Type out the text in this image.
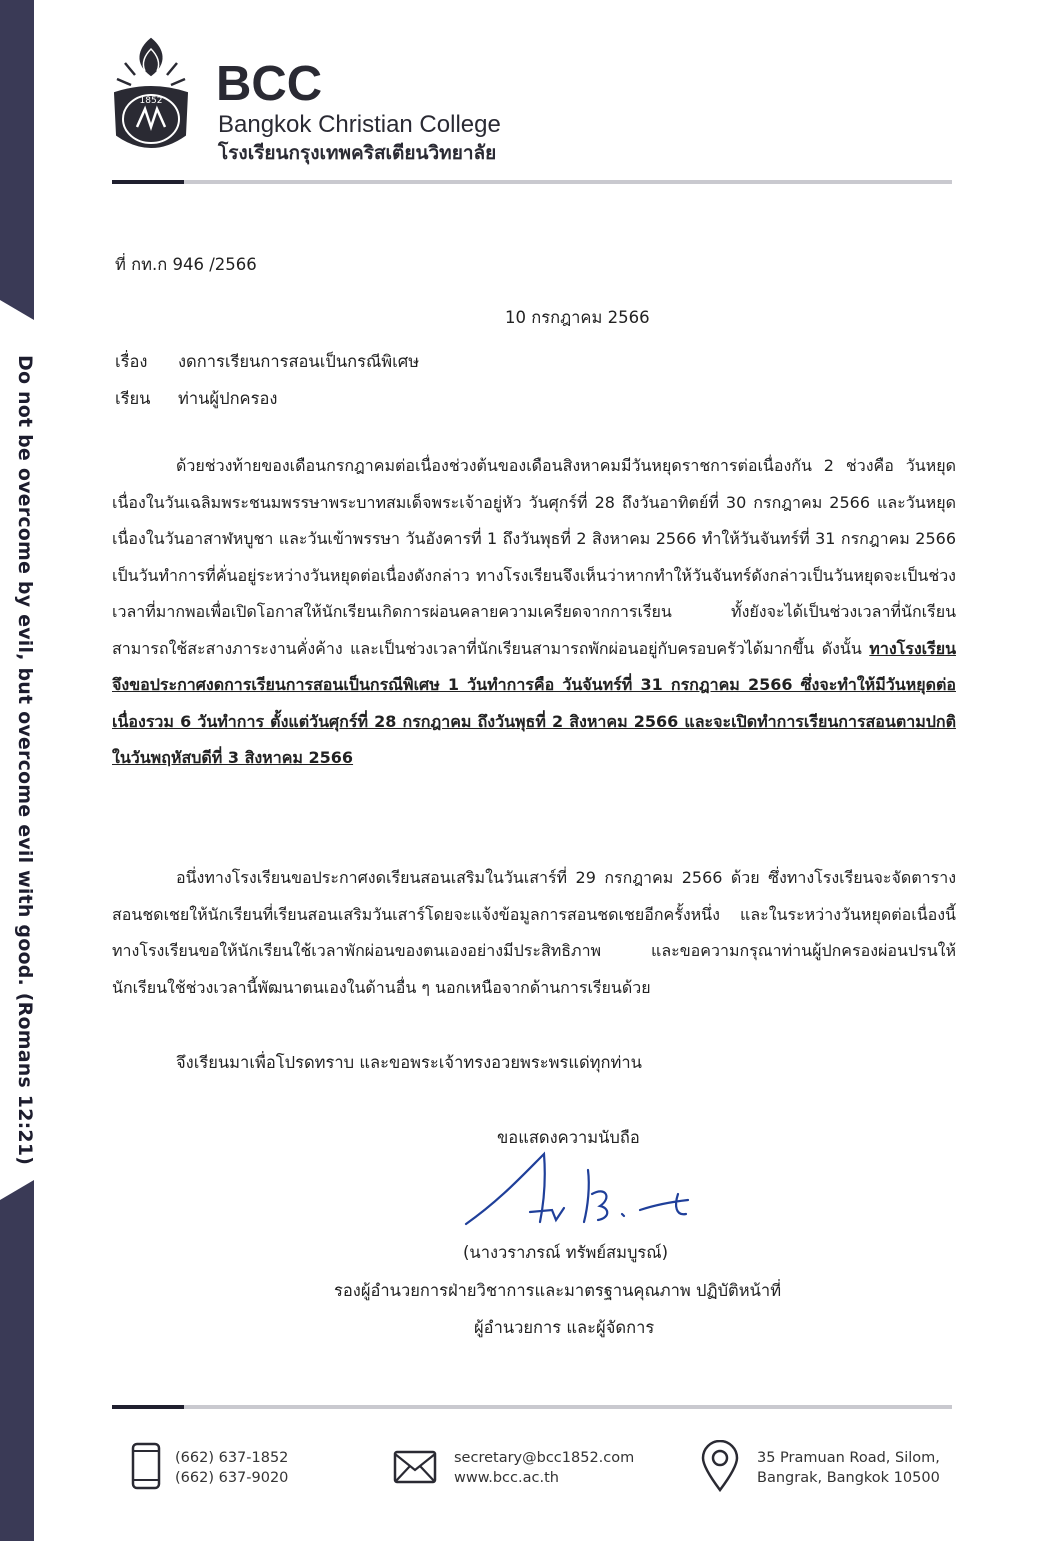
Do not be overcome by evil, but overcome evil with good. (Romans 12:21)
1852 BCC
Bangkok Christian College
โรงเรียนกรุงเทพคริสเตียนวิทยาลัย
ที่ กท.ก 946 /2566
10 กรกฎาคม 2566
เรื่อง งดการเรียนการสอนเป็นกรณีพิเศษ
เรียน ท่านผู้ปกครอง
ด้วยช่วงท้ายของเดือนกรกฎาคมต่อเนื่องช่วงต้นของเดือนสิงหาคมมีวันหยุดราชการต่อเนื่องกัน 2 ช่วงคือ วันหยุดเนื่องในวันเฉลิมพระชนมพรรษาพระบาทสมเด็จพระเจ้าอยู่หัว วันศุกร์ที่ 28 ถึงวันอาทิตย์ที่ 30 กรกฎาคม 2566 และวันหยุดเนื่องในวันอาสาฬหบูชา และวันเข้าพรรษา วันอังคารที่ 1 ถึงวันพุธที่ 2 สิงหาคม 2566 ทำให้วันจันทร์ที่ 31 กรกฎาคม 2566 เป็นวันทำการที่คั่นอยู่ระหว่างวันหยุดต่อเนื่องดังกล่าว ทางโรงเรียนจึงเห็นว่าหากทำให้วันจันทร์ดังกล่าวเป็นวันหยุดจะเป็นช่วงเวลาที่มากพอเพื่อเปิดโอกาสให้นักเรียนเกิดการผ่อนคลายความเครียดจากการเรียน ทั้งยังจะได้เป็นช่วงเวลาที่นักเรียนสามารถใช้สะสางภาระงานคั่งค้าง และเป็นช่วงเวลาที่นักเรียนสามารถพักผ่อนอยู่กับครอบครัวได้มากขึ้น ดังนั้น ทางโรงเรียนจึงขอประกาศงดการเรียนการสอนเป็นกรณีพิเศษ 1 วันทำการคือ วันจันทร์ที่ 31 กรกฎาคม 2566 ซึ่งจะทำให้มีวันหยุดต่อเนื่องรวม 6 วันทำการ ตั้งแต่วันศุกร์ที่ 28 กรกฎาคม ถึงวันพุธที่ 2 สิงหาคม 2566 และจะเปิดทำการเรียนการสอนตามปกติ ในวันพฤหัสบดีที่ 3 สิงหาคม 2566
อนึ่งทางโรงเรียนขอประกาศงดเรียนสอนเสริมในวันเสาร์ที่ 29 กรกฎาคม 2566 ด้วย ซึ่งทางโรงเรียนจะจัดตารางสอนชดเชยให้นักเรียนที่เรียนสอนเสริมวันเสาร์โดยจะแจ้งข้อมูลการสอนชดเชยอีกครั้งหนึ่ง และในระหว่างวันหยุดต่อเนื่องนี้ ทางโรงเรียนขอให้นักเรียนใช้เวลาพักผ่อนของตนเองอย่างมีประสิทธิภาพ และขอความกรุณาท่านผู้ปกครองผ่อนปรนให้นักเรียนใช้ช่วงเวลานี้พัฒนาตนเองในด้านอื่น ๆ นอกเหนือจากด้านการเรียนด้วย
จึงเรียนมาเพื่อโปรดทราบ และขอพระเจ้าทรงอวยพระพรแด่ทุกท่าน
ขอแสดงความนับถือ
(นางวราภรณ์ ทรัพย์สมบูรณ์)
รองผู้อำนวยการฝ่ายวิชาการและมาตรฐานคุณภาพ ปฏิบัติหน้าที่
ผู้อำนวยการ และผู้จัดการ
(662) 637-1852
(662) 637-9020
secretary@bcc1852.com
www.bcc.ac.th
35 Pramuan Road, Silom,
Bangrak, Bangkok 10500
